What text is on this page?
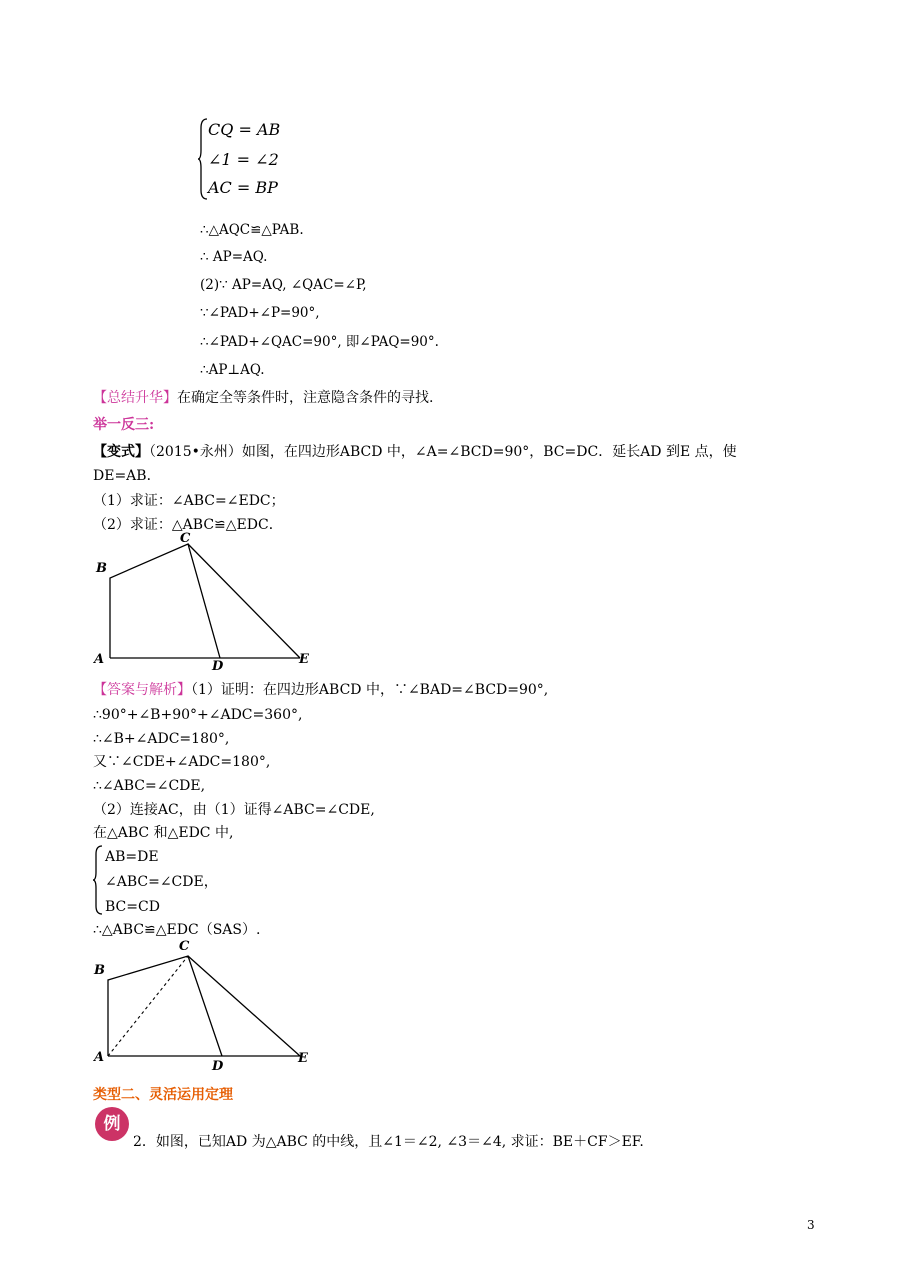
CQ = AB
∠1 = ∠2
AC = BP
∴△AQC≌△PAB.
∴ AP=AQ.
(2)∵ AP=AQ, ∠QAC=∠P,
∵∠PAD+∠P=90°,
∴∠PAD+∠QAC=90°, 即∠PAQ=90°.
∴AP⊥AQ.
【总结升华】在确定全等条件时，注意隐含条件的寻找.
举一反三:
【变式】（2015•永州）如图，在四边形ABCD 中，∠A=∠BCD=90°，BC=DC．延长AD 到E 点，使
DE=AB．
（1）求证：∠ABC=∠EDC；
（2）求证：△ABC≌△EDC．
A
B
C
D	E
【答案与解析】（1）证明：在四边形ABCD 中，∵∠BAD=∠BCD=90°,
∴90°+∠B+90°+∠ADC=360°,
∴∠B+∠ADC=180°,
又∵∠CDE+∠ADC=180°,
∴∠ABC=∠CDE,
（2）连接AC，由（1）证得∠ABC=∠CDE,
在△ABC 和△EDC 中,
AB=DE
∠ABC=∠CDE，
BC=CD
∴△ABC≌△EDC（SAS）.
A
B
C
D
E
类型二、灵活运用定理
例
2．如图，已知AD 为△ABC 的中线，且∠1＝∠2, ∠3＝∠4, 求证：BE＋CF＞EF.
3
